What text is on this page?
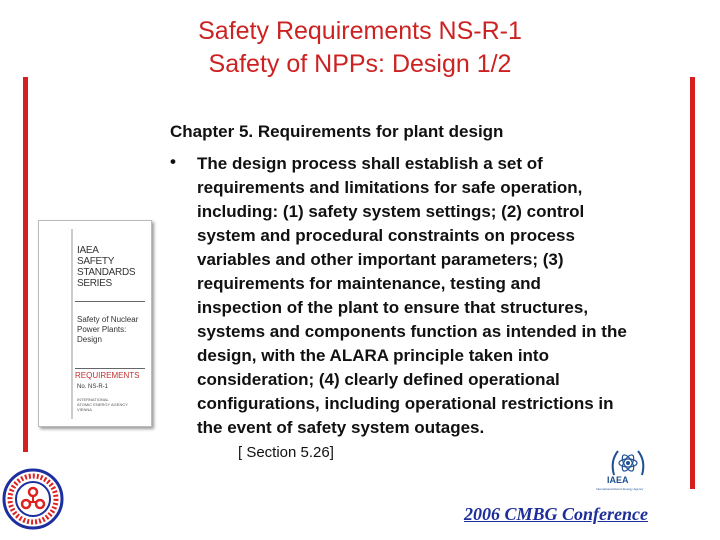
Safety Requirements NS-R-1
Safety of NPPs: Design 1/2
Chapter 5. Requirements for plant design
• The design process shall establish a set of
requirements and limitations for safe operation,
including: (1) safety system settings; (2) control
system and procedural constraints on process
variables and other important parameters; (3)
requirements for maintenance, testing and
inspection of the plant to ensure that structures,
systems and components function as intended in the
design, with the ALARA principle taken into
consideration; (4) clearly defined operational
configurations, including operational restrictions in
the event of safety system outages.
[ Section 5.26]
IAEA
SAFETY
STANDARDS
SERIES
Safety of Nuclear
Power Plants:
Design
REQUIREMENTS
No. NS-R-1
INTERNATIONAL
ATOMIC ENERGY AGENCY
VIENNA
IAEA
International Atomic Energy Agency
2006 CMBG Conference
